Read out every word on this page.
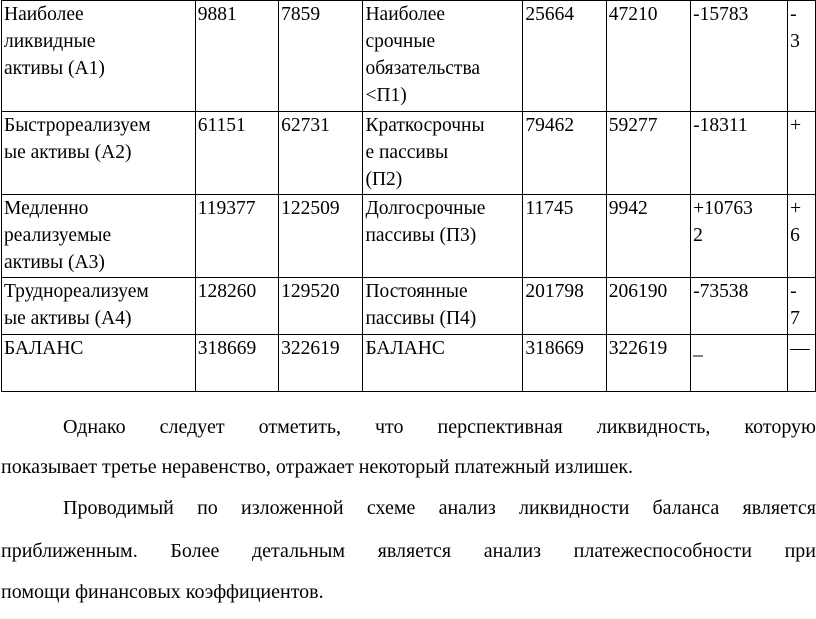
Наиболее
ликвидные
активы (А1)	9881	7859	Наиболее
срочные
обязательства
<П1)	25664	47210	-15783	-
3
Быстрореализуем
ые активы (А2)	61151	62731	Краткосрочны
е пассивы
(П2)	79462	59277	-18311	+
Медленно
реализуемые
активы (А3)	119377	122509	Долгосрочные
пассивы (П3)	11745	9942	+10763
2	+
6
Труднореализуем
ые активы (А4)	128260	129520	Постоянные
пассивы (П4)	201798	206190	-73538	-
7
БАЛАНС	318669	322619	БАЛАНС	318669	322619	_	—
Однако следует отметить, что перспективная ликвидность, которую
показывает третье неравенство, отражает некоторый платежный излишек.
Проводимый по изложенной схеме анализ ликвидности баланса является
приближенным. Более детальным является анализ платежеспособности при
помощи финансовых коэффициентов.
